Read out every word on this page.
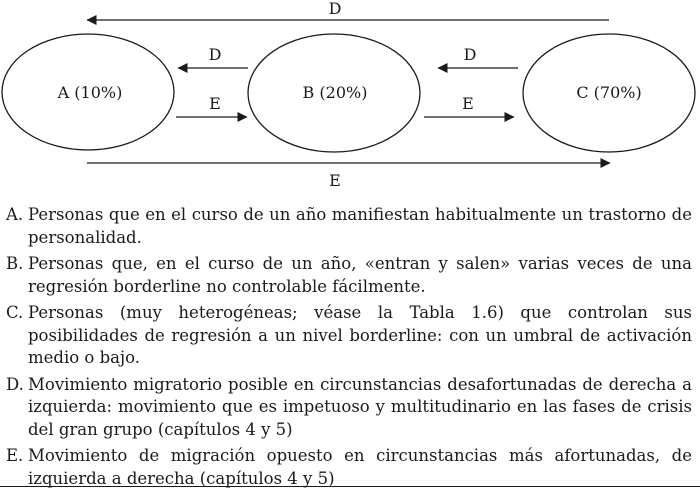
A (10%)	B (20%)	C (70%)
D
D
E
D
E
E
A. Personas que en el curso de un año manifiestan habitualmente un trastorno de personalidad.
B. Personas que, en el curso de un año, «entran y salen» varias veces de una regresión borderline no controlable fácilmente.
C. Personas (muy heterogéneas; véase la Tabla 1.6) que controlan sus posibilidades de regresión a un nivel borderline: con un umbral de activación medio o bajo.
D. Movimiento migratorio posible en circunstancias desafortunadas de derecha a izquierda: movimiento que es impetuoso y multitudinario en las fases de crisis del gran grupo (capítulos 4 y 5)
E. Movimiento de migración opuesto en circunstancias más afortunadas, de izquierda a derecha (capítulos 4 y 5)
